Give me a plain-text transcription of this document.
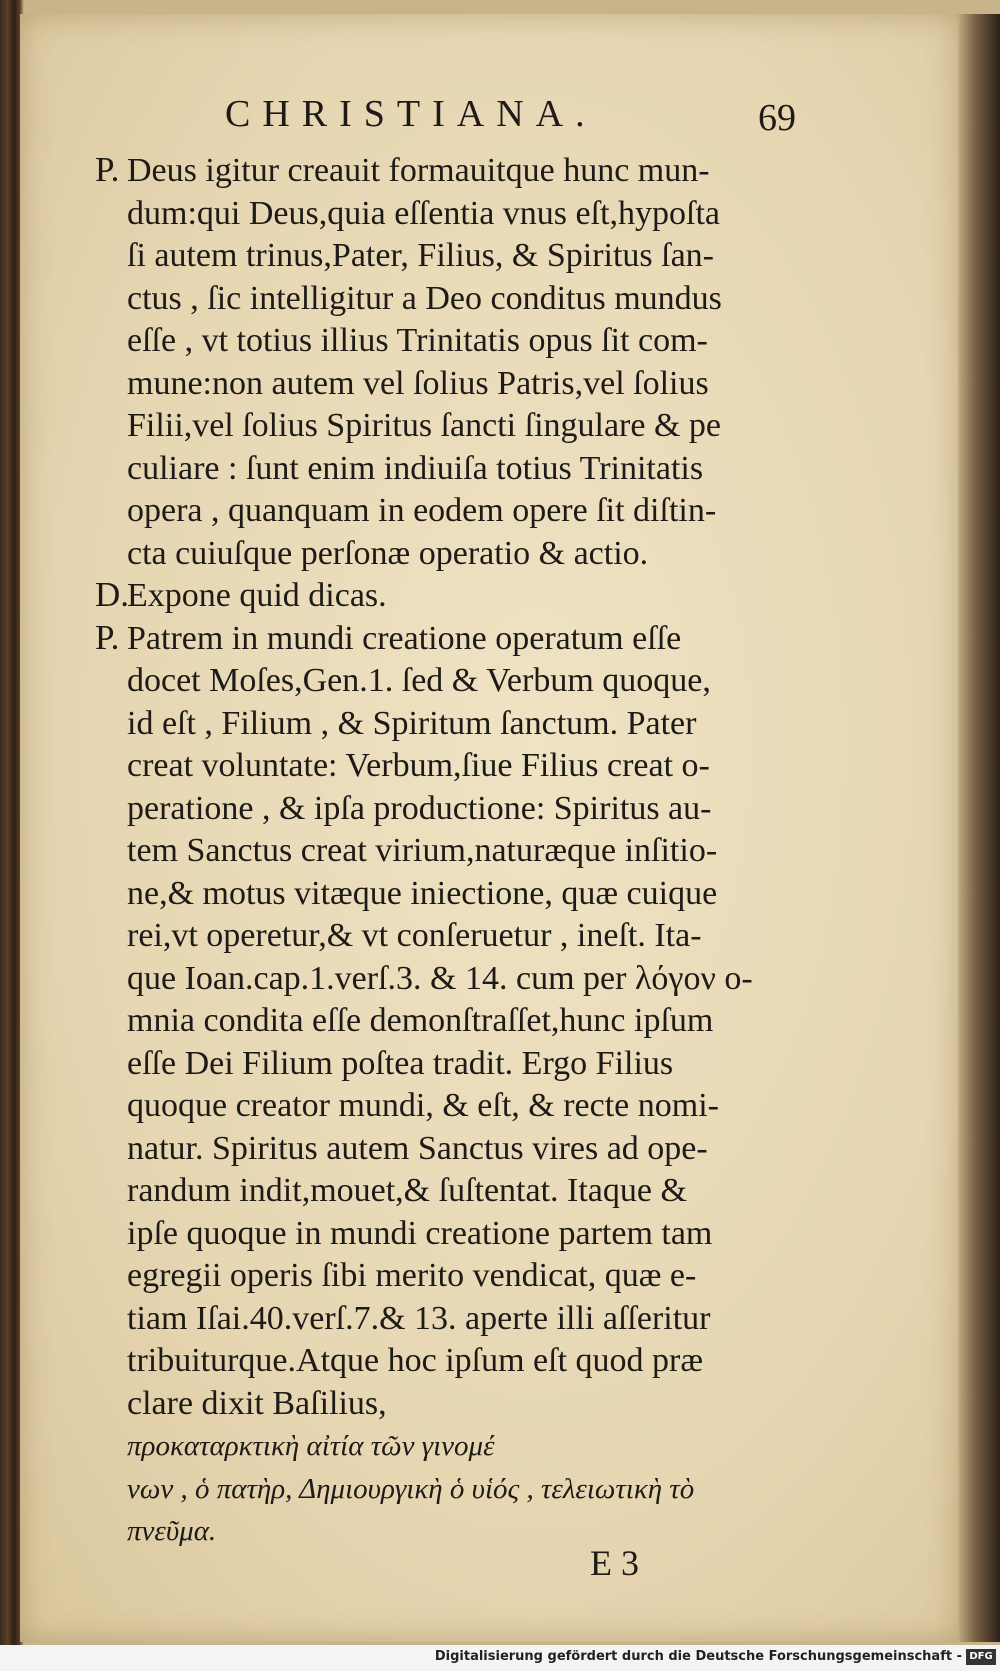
CHRISTIANA.	69
P. Deus igitur creauit formauitque hunc mun-
dum:qui Deus,quia eſſentia vnus eſt,hypoſta
ſi autem trinus,Pater, Filius, & Spiritus ſan-
ctus , ſic intelligitur a Deo conditus mundus
eſſe , vt totius illius Trinitatis opus ſit com-
mune:non autem vel ſolius Patris,vel ſolius
Filii,vel ſolius Spiritus ſancti ſingulare & pe
culiare : ſunt enim indiuiſa totius Trinitatis
opera , quanquam in eodem opere ſit diſtin-
cta cuiuſque perſonæ operatio & actio.
D.
Expone quid dicas.
P. Patrem in mundi creatione operatum eſſe
docet Moſes,Gen.1. ſed & Verbum quoque,
id eſt , Filium , & Spiritum ſanctum. Pater
creat voluntate: Verbum,ſiue Filius creat o-
peratione , & ipſa productione: Spiritus au-
tem Sanctus creat virium,naturæque inſitio-
ne,& motus vitæque iniectione, quæ cuique
rei,vt operetur,& vt conſeruetur , ineſt. Ita-
que Ioan.cap.1.verſ.3. & 14. cum per λόγον o-
mnia condita eſſe demonſtraſſet,hunc ipſum
eſſe Dei Filium poſtea tradit. Ergo Filius
quoque creator mundi, & eſt, & recte nomi-
natur. Spiritus autem Sanctus vires ad ope-
randum indit,mouet,& ſuſtentat. Itaque &
ipſe quoque in mundi creatione partem tam
egregii operis ſibi merito vendicat, quæ e-
tiam Iſai.40.verſ.7.& 13. aperte illi aſſeritur
tribuiturque.Atque hoc ipſum eſt quod præ
clare dixit Baſilius,
προκαταρκτικὴ αἰτία τῶν γινομέ
νων , ὁ πατὴρ, Δημιουργικὴ ὁ υἱός , τελειωτικὴ τὸ
πνεῦμα.
E 3
Digitalisierung gefördert durch die Deutsche Forschungsgemeinschaft - DFG
